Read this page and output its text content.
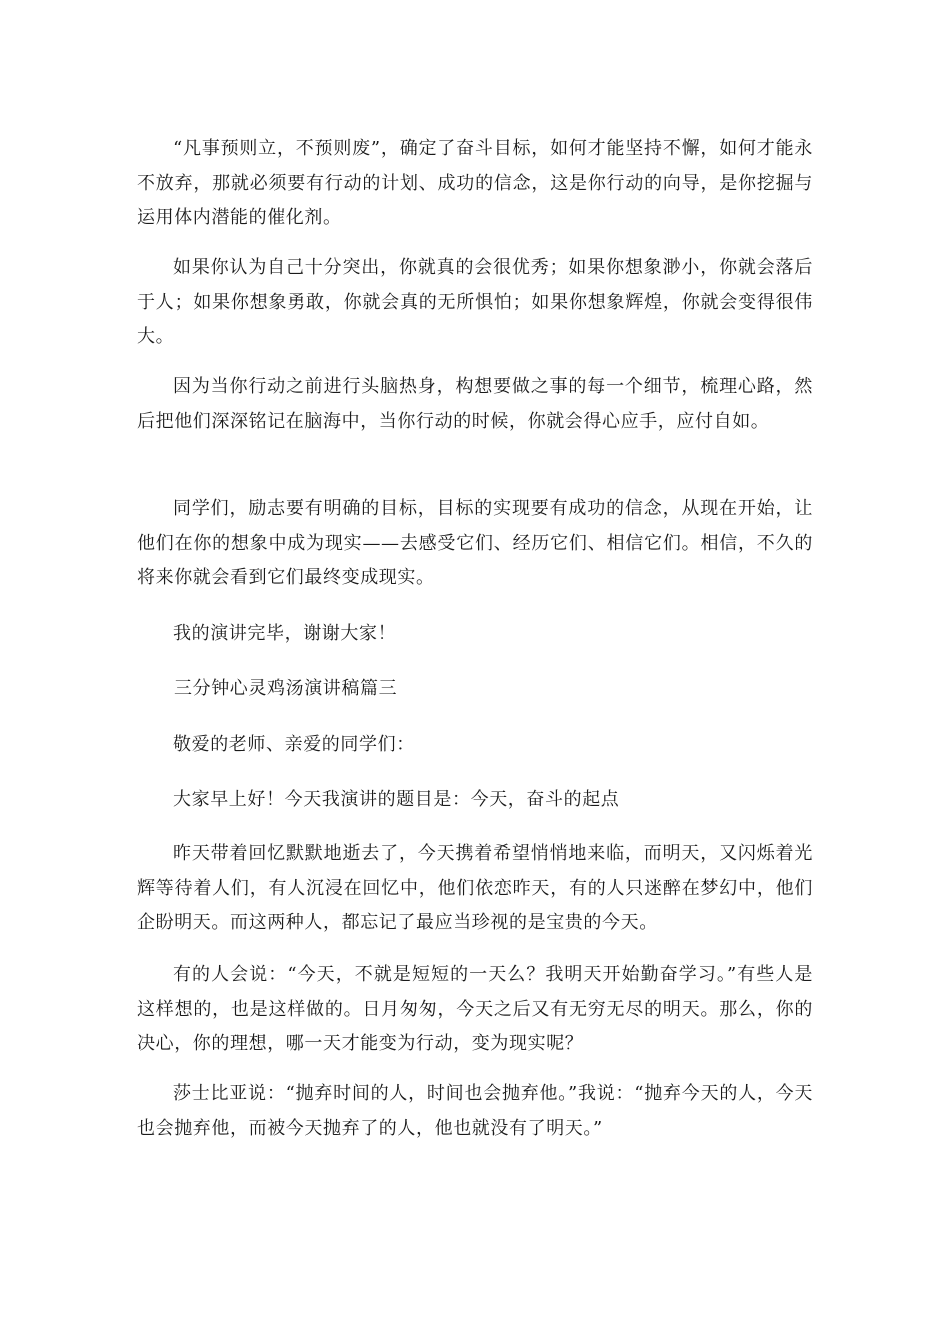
“凡事预则立，不预则废”，确定了奋斗目标，如何才能坚持不懈，如何才能永不放弃，那就必须要有行动的计划、成功的信念，这是你行动的向导，是你挖掘与运用体内潜能的催化剂。

如果你认为自己十分突出，你就真的会很优秀；如果你想象渺小，你就会落后于人；如果你想象勇敢，你就会真的无所惧怕；如果你想象辉煌，你就会变得很伟大。

因为当你行动之前进行头脑热身，构想要做之事的每一个细节，梳理心路，然后把他们深深铭记在脑海中，当你行动的时候，你就会得心应手，应付自如。

同学们，励志要有明确的目标，目标的实现要有成功的信念，从现在开始，让他们在你的想象中成为现实——去感受它们、经历它们、相信它们。相信，不久的将来你就会看到它们最终变成现实。

我的演讲完毕，谢谢大家！

三分钟心灵鸡汤演讲稿篇三

敬爱的老师、亲爱的同学们：

大家早上好！今天我演讲的题目是：今天，奋斗的起点

昨天带着回忆默默地逝去了，今天携着希望悄悄地来临，而明天，又闪烁着光辉等待着人们，有人沉浸在回忆中，他们依恋昨天，有的人只迷醉在梦幻中，他们企盼明天。而这两种人，都忘记了最应当珍视的是宝贵的今天。

有的人会说：“今天，不就是短短的一天么？我明天开始勤奋学习。”有些人是这样想的，也是这样做的。日月匆匆，今天之后又有无穷无尽的明天。那么，你的决心，你的理想，哪一天才能变为行动，变为现实呢？

莎士比亚说：“抛弃时间的人，时间也会抛弃他。”我说：“抛弃今天的人，今天也会抛弃他，而被今天抛弃了的人，他也就没有了明天。”
